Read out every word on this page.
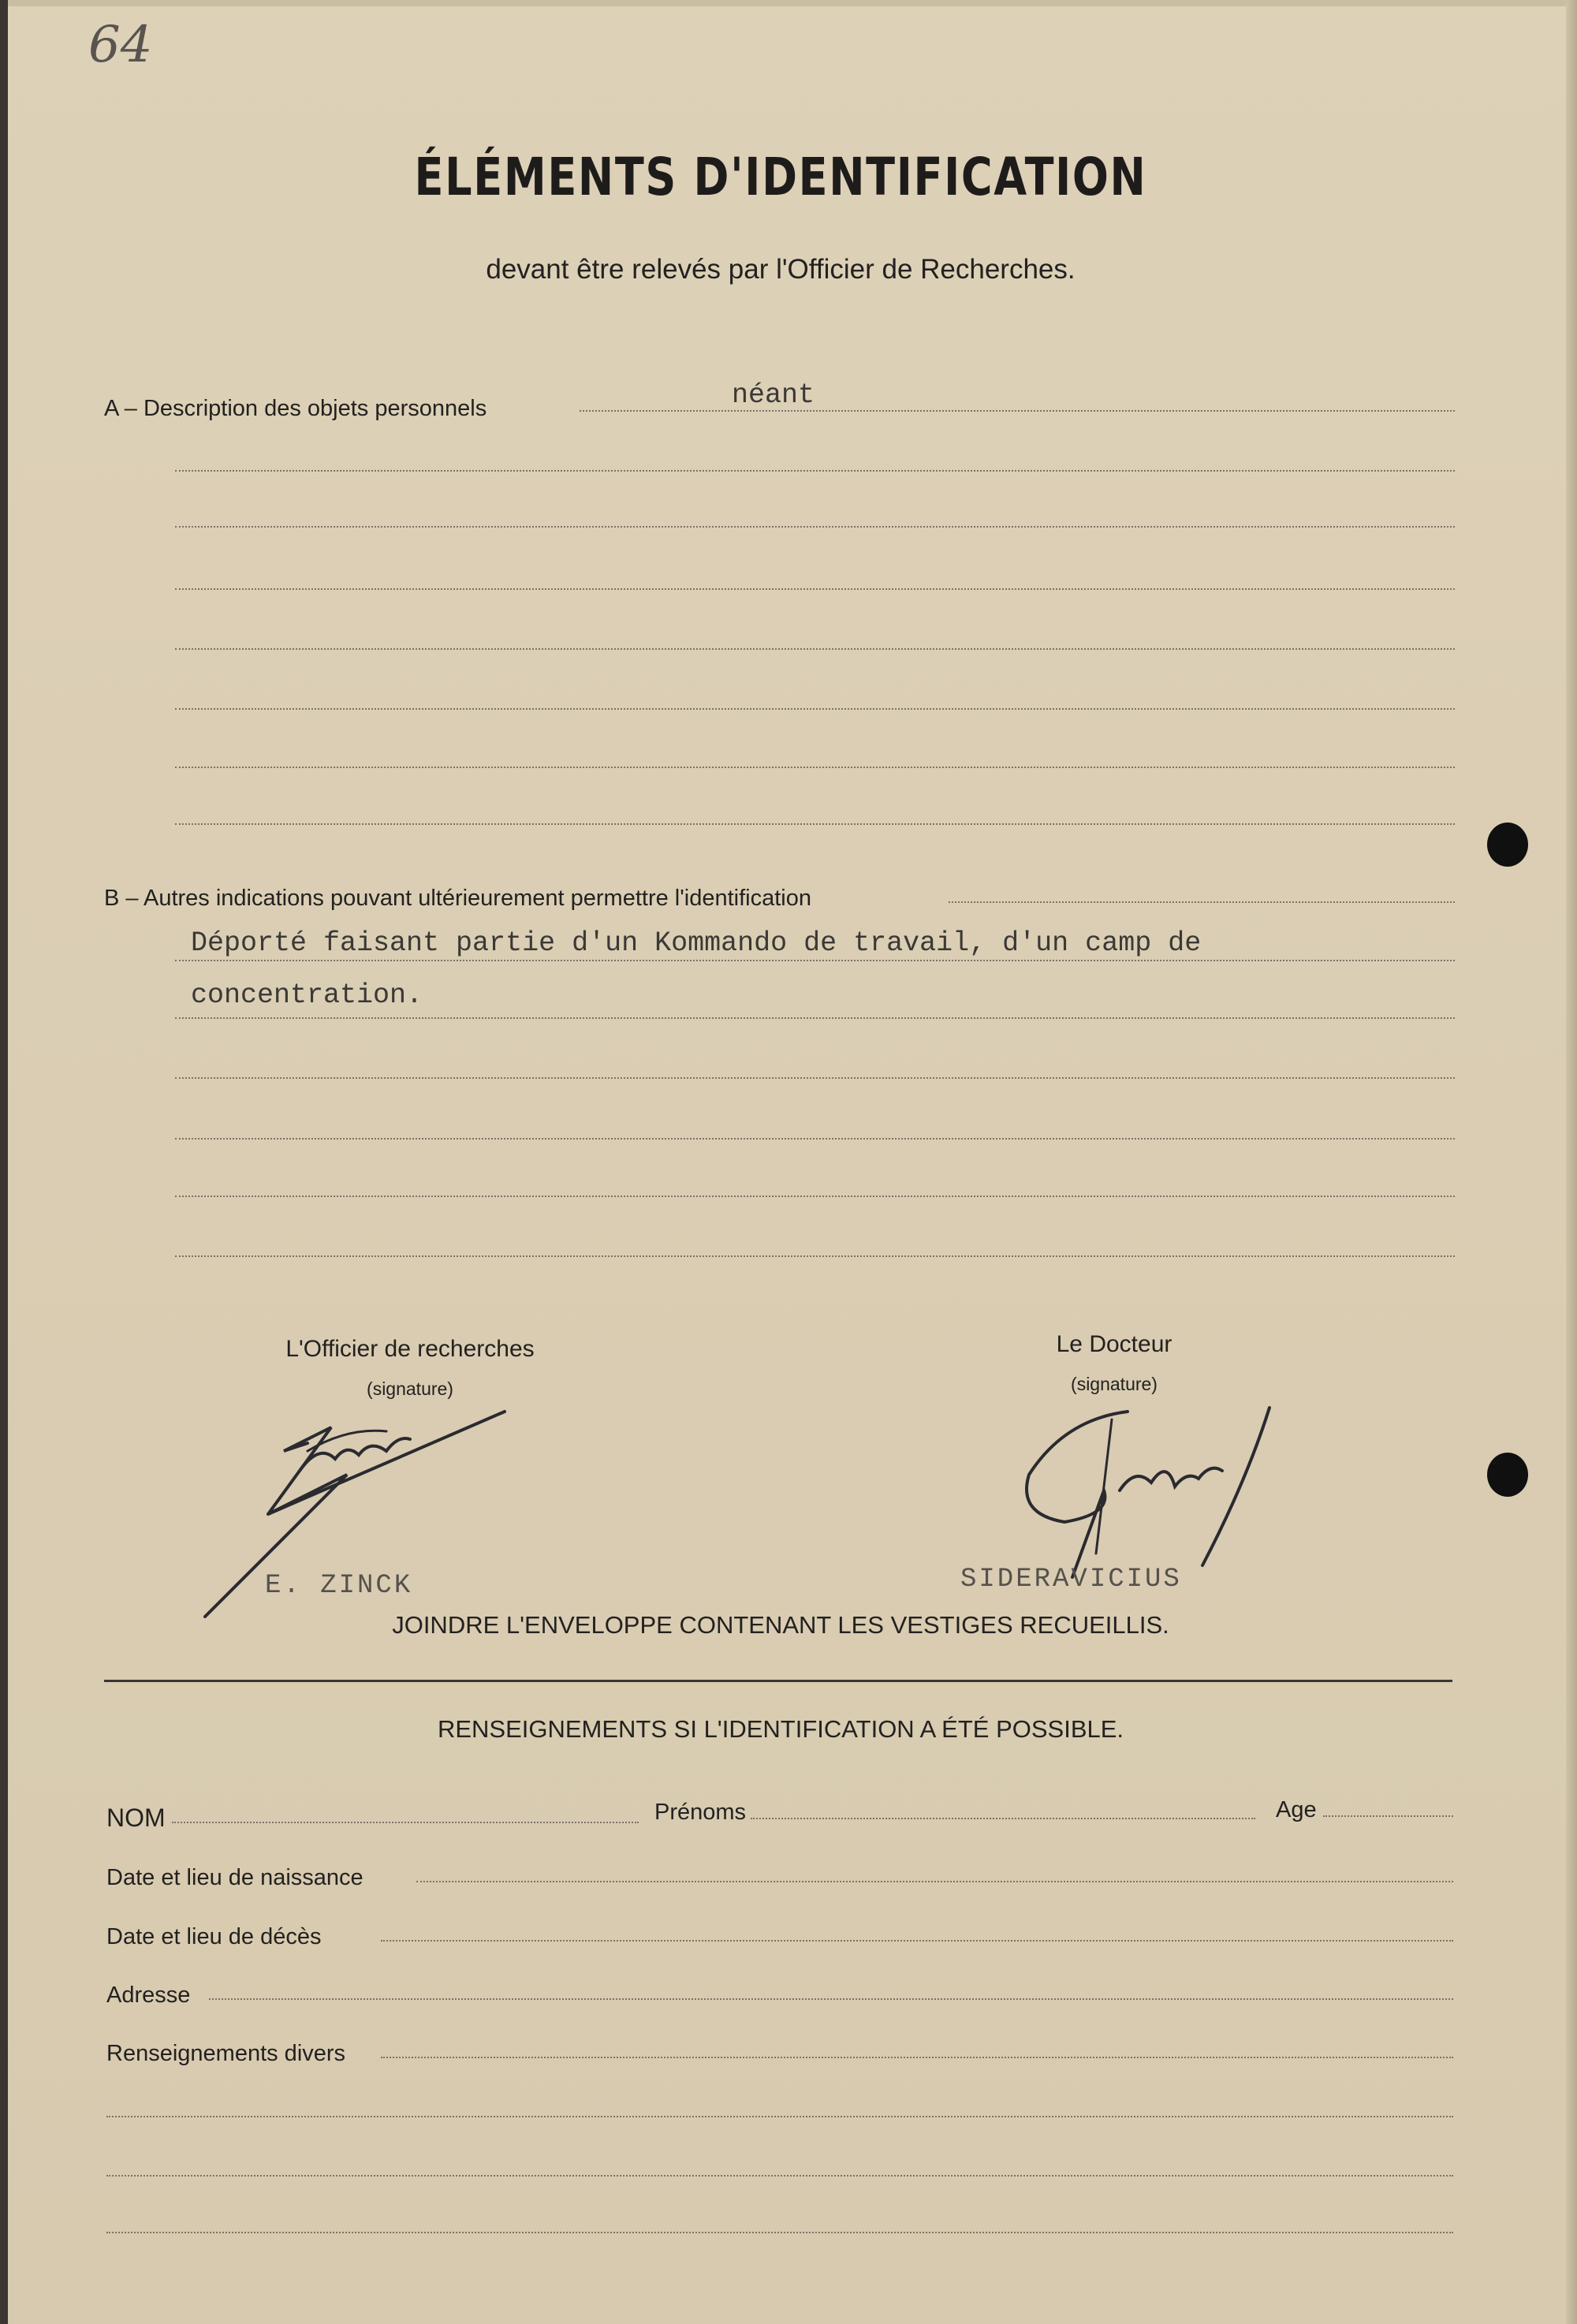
64
ÉLÉMENTS D'IDENTIFICATION
devant être relevés par l'Officier de Recherches.
A – Description des objets personnels	néant
B – Autres indications pouvant ultérieurement permettre l'identification
Déporté faisant partie d'un Kommando de travail, d'un camp de
concentration.
L'Officier de recherches
(signature)
Le Docteur
(signature)
E. ZINCK	SIDERAVICIUS
JOINDRE L'ENVELOPPE CONTENANT LES VESTIGES RECUEILLIS.
RENSEIGNEMENTS SI L'IDENTIFICATION A ÉTÉ POSSIBLE.
NOM	Prénoms	Age
Date et lieu de naissance
Date et lieu de décès
Adresse
Renseignements divers
